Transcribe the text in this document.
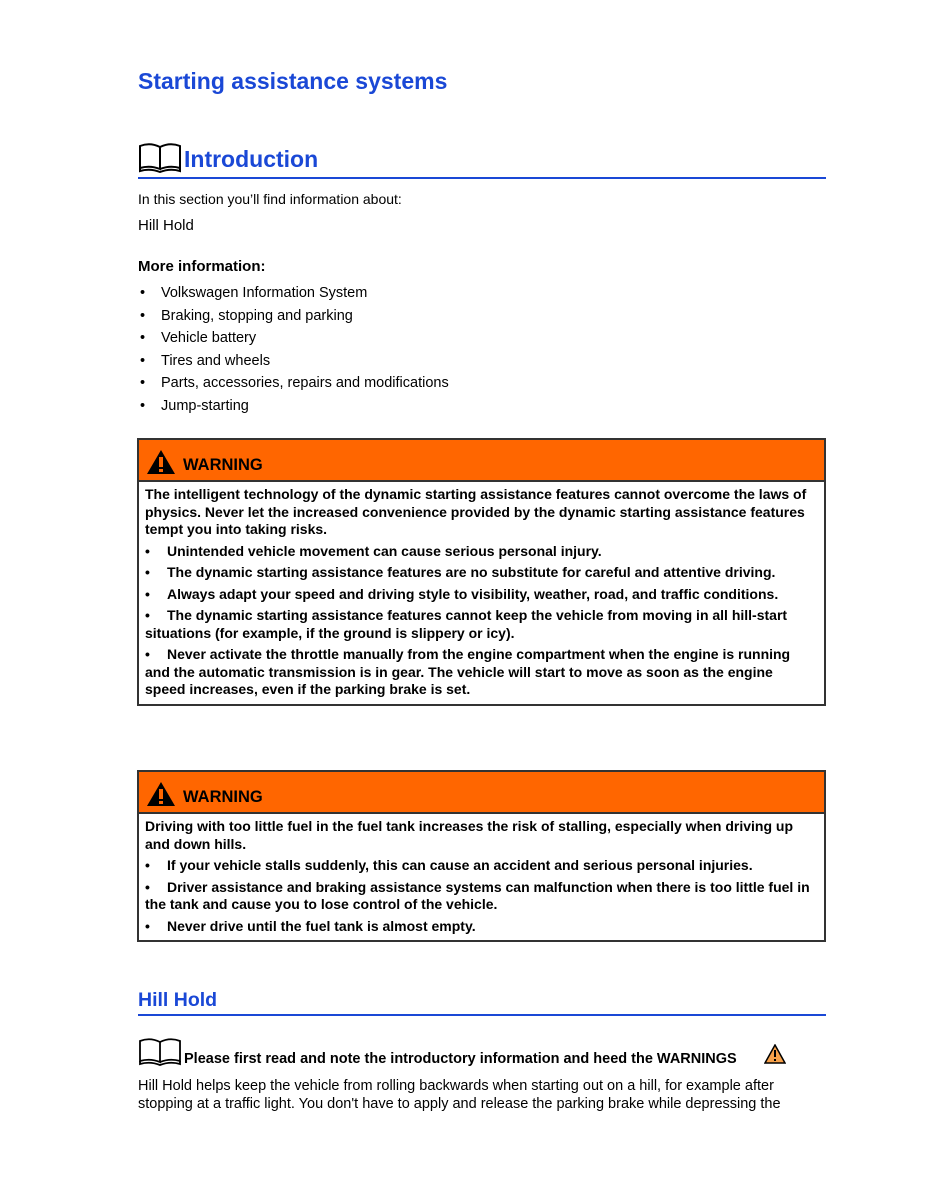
Starting assistance systems
Introduction
In this section you’ll find information about:
Hill Hold
More information:
• Volkswagen Information System
• Braking, stopping and parking
• Vehicle battery
• Tires and wheels
• Parts, accessories, repairs and modifications
• Jump-starting
WARNING

The intelligent technology of the dynamic starting assistance features cannot overcome the laws of physics. Never let the increased convenience provided by the dynamic starting assistance features tempt you into taking risks.

• Unintended vehicle movement can cause serious personal injury.
• The dynamic starting assistance features are no substitute for careful and attentive driving.
• Always adapt your speed and driving style to visibility, weather, road, and traffic conditions.
• The dynamic starting assistance features cannot keep the vehicle from moving in all hill-start situations (for example, if the ground is slippery or icy).
• Never activate the throttle manually from the engine compartment when the engine is running and the automatic transmission is in gear. The vehicle will start to move as soon as the engine speed increases, even if the parking brake is set.
WARNING

Driving with too little fuel in the fuel tank increases the risk of stalling, especially when driving up and down hills.

• If your vehicle stalls suddenly, this can cause an accident and serious personal injuries.
• Driver assistance and braking assistance systems can malfunction when there is too little fuel in the tank and cause you to lose control of the vehicle.
• Never drive until the fuel tank is almost empty.
Hill Hold
Please first read and note the introductory information and heed the WARNINGS
Hill Hold helps keep the vehicle from rolling backwards when starting out on a hill, for example after stopping at a traffic light. You don't have to apply and release the parking brake while depressing the
